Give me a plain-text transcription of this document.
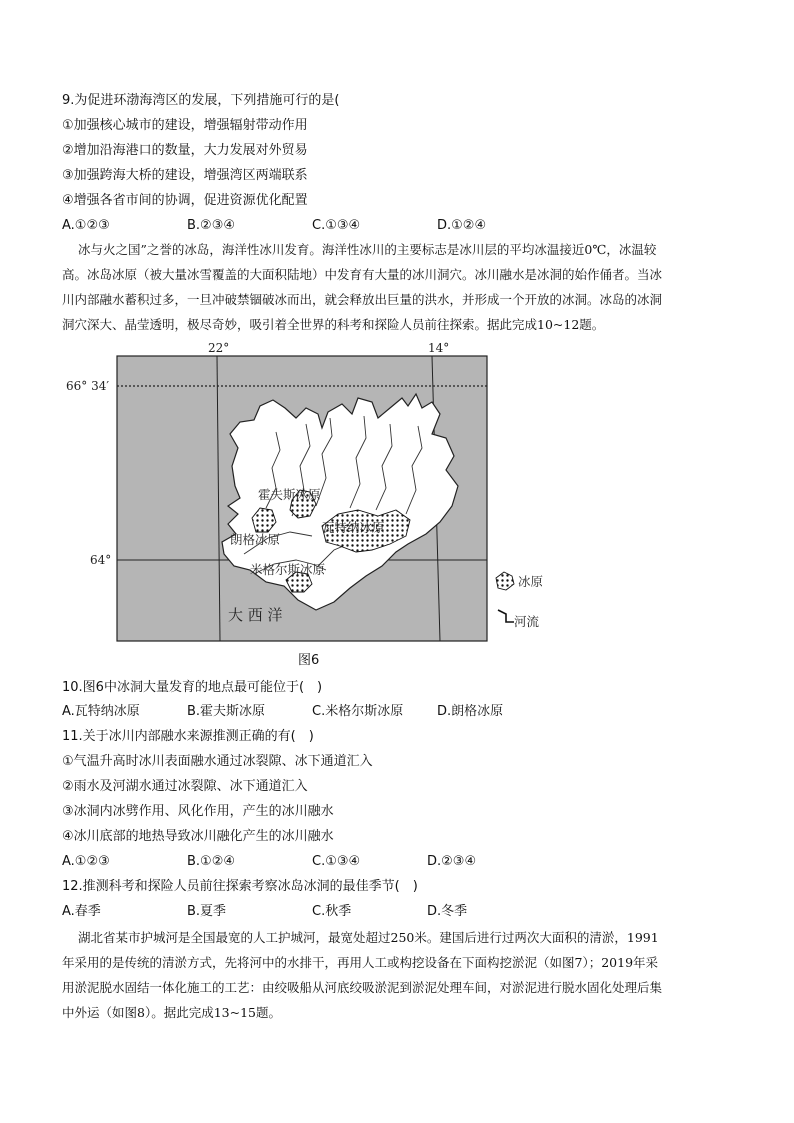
9.为促进环渤海湾区的发展，下列措施可行的是(
①加强核心城市的建设，增强辐射带动作用
②增加沿海港口的数量，大力发展对外贸易
③加强跨海大桥的建设，增强湾区两端联系
④增强各省市间的协调，促进资源优化配置
A.①②③	B.②③④	C.①③④	D.①②④
冰与火之国”之誉的冰岛，海洋性冰川发育。海洋性冰川的主要标志是冰川层的平均冰温接近0℃，冰温较
高。冰岛冰原（被大量冰雪覆盖的大面积陆地）中发育有大量的冰川洞穴。冰川融水是冰洞的始作俑者。当冰
川内部融水蓄积过多，一旦冲破禁锢破冰而出，就会释放出巨量的洪水，并形成一个开放的冰洞。冰岛的冰洞
洞穴深大、晶莹透明，极尽奇妙，吸引着全世界的科考和探险人员前往探索。据此完成10~12题。
22°	14°
66° 34′
64°
霍夫斯冰原
瓦特纳冰原
朗格冰原
米格尔斯冰原
大 西 洋
冰原
河流
图6
10.图6中冰洞大量发育的地点最可能位于(　)
A.瓦特纳冰原	B.霍夫斯冰原	C.米格尔斯冰原	D.朗格冰原
11.关于冰川内部融水来源推测正确的有(　)
①气温升高时冰川表面融水通过冰裂隙、冰下通道汇入
②雨水及河湖水通过冰裂隙、冰下通道汇入
③冰洞内冰劈作用、风化作用，产生的冰川融水
④冰川底部的地热导致冰川融化产生的冰川融水
A.①②③	B.①②④	C.①③④	D.②③④
12.推测科考和探险人员前往探索考察冰岛冰洞的最佳季节(　)
A.春季	B.夏季	C.秋季	D.冬季
湖北省某市护城河是全国最宽的人工护城河，最宽处超过250米。建国后进行过两次大面积的清淤，1991
年采用的是传统的清淤方式，先将河中的水排干，再用人工或构挖设备在下面构挖淤泥（如图7）；2019年采
用淤泥脱水固结一体化施工的工艺：由绞吸船从河底绞吸淤泥到淤泥处理车间，对淤泥进行脱水固化处理后集
中外运（如图8）。据此完成13~15题。
